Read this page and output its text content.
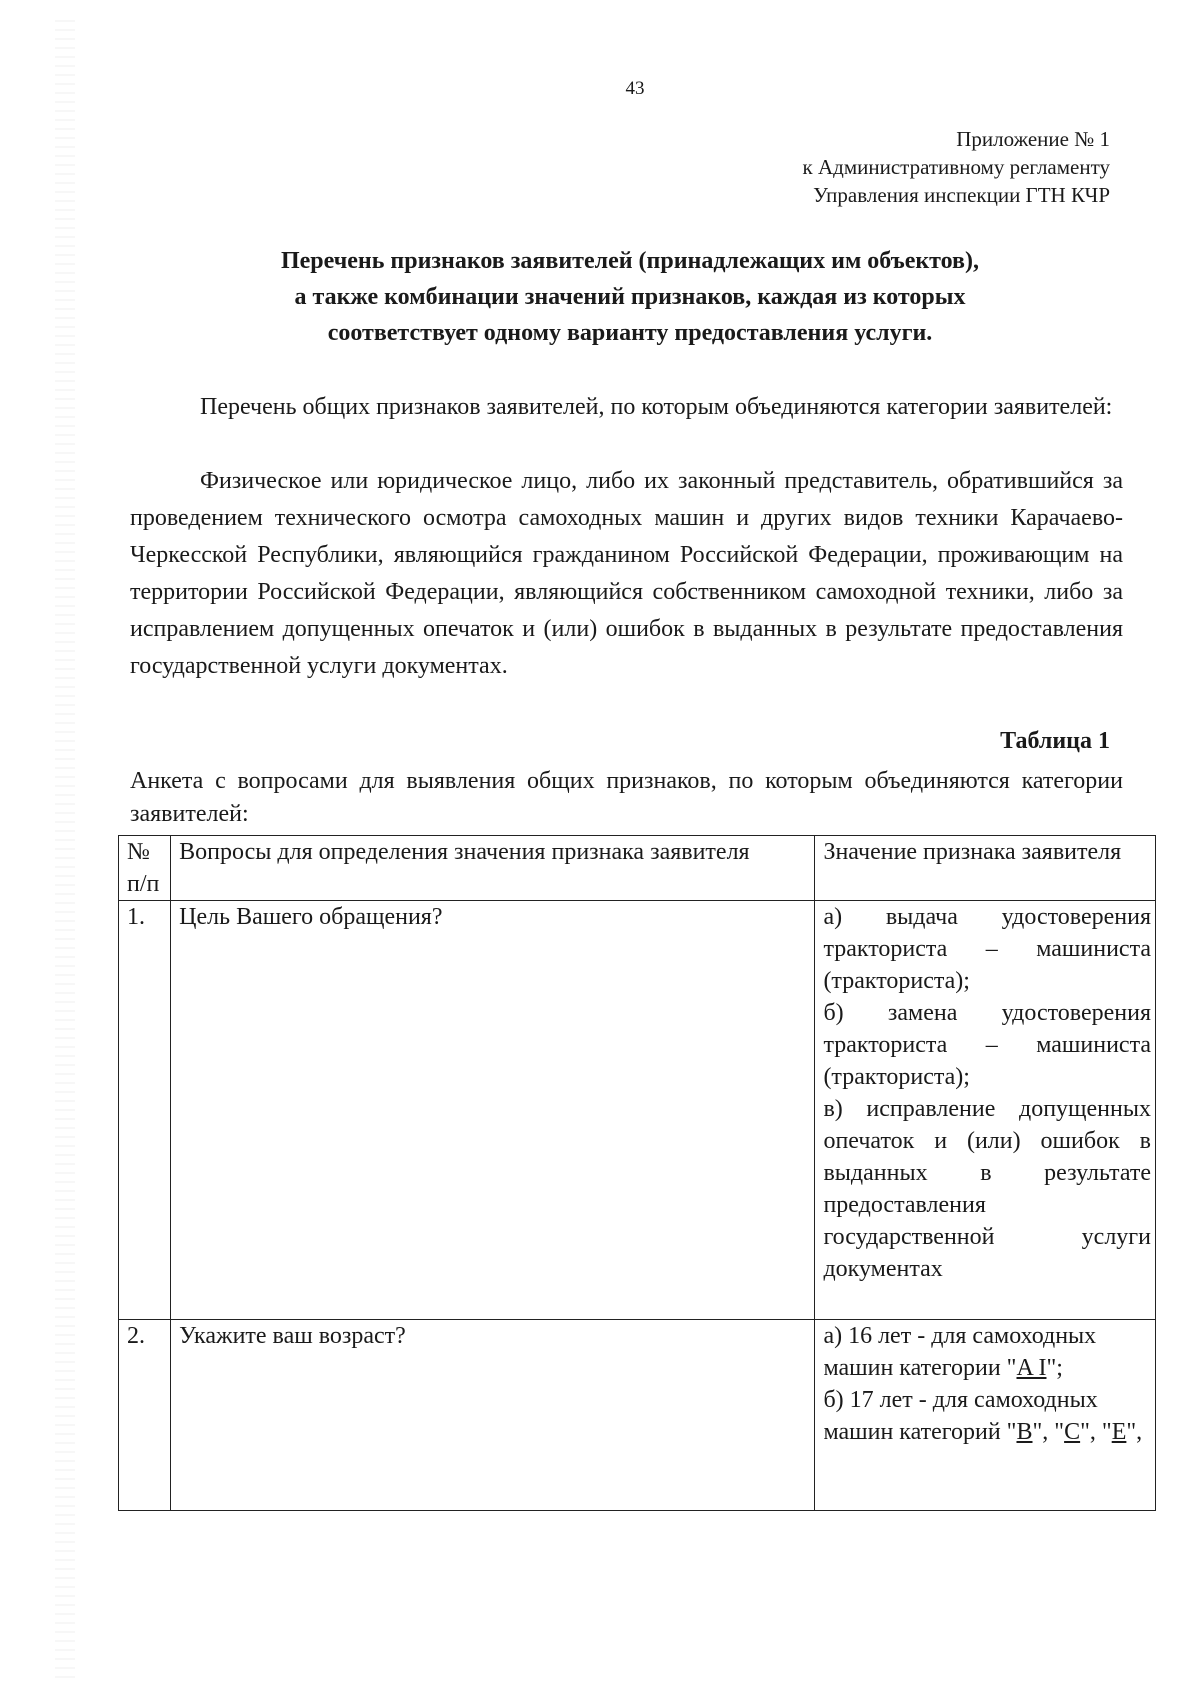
43
Приложение № 1
к Административному регламенту
Управления инспекции ГТН КЧР
Перечень признаков заявителей (принадлежащих им объектов),
а также комбинации значений признаков, каждая из которых
соответствует одному варианту предоставления услуги.
Перечень общих признаков заявителей, по которым объединяются категории заявителей:
Физическое или юридическое лицо, либо их законный представитель, обратившийся за проведением технического осмотра самоходных машин и других видов техники Карачаево-Черкесской Республики, являющийся гражданином Российской Федерации, проживающим на территории Российской Федерации, являющийся собственником самоходной техники, либо за исправлением допущенных опечаток и (или) ошибок в выданных в результате предоставления государственной услуги документах.
Таблица 1
Анкета с вопросами для выявления общих признаков, по которым объединяются категории заявителей:
№ п/п	Вопросы для определения значения признака заявителя	Значение признака заявителя
1.	Цель Вашего обращения?	а) выдача удостоверения тракториста – машиниста (тракториста);
б) замена удостоверения тракториста – машиниста (тракториста);
в) исправление допущенных опечаток и (или) ошибок в выданных в результате предоставления государственной услуги документах

2.	Укажите ваш возраст?	а) 16 лет - для самоходных машин категории "A I";
б) 17 лет - для самоходных машин категорий "B", "C", "E",
